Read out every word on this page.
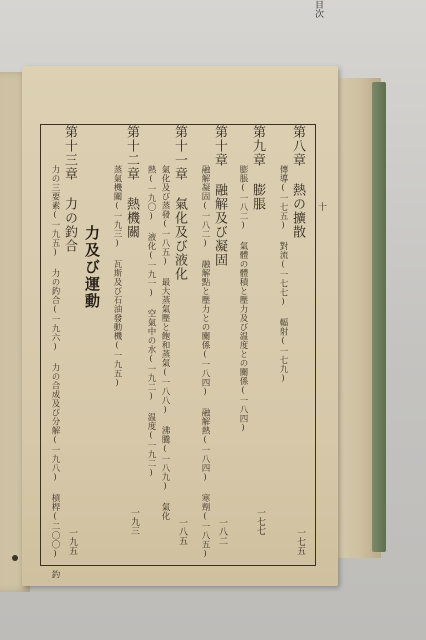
目次
十
第八章 熱の擴散
一七五
傳導(一七五) 對流(一七七) 輻射(一七九)
第九章 膨脹
一七七
膨脹(一八二) 氣體の體積と壓力及び温度との關係(一八四)
第十章 融解及び凝固
一八二
融解凝固(一八二) 融解點と壓力との關係(一八四) 融解熱(一八四) 寒劑(一八五)
第十一章 氣化及び液化
一八五
氣化及び蒸發(一八五) 最大蒸氣壓と飽和蒸氣(一八八) 沸騰(一八九) 氣化
熱(一九〇) 液化(一九一) 空氣中の水(一九二) 温度(一九二)
第十二章 熱機關
一九三
蒸氣機關(一九三) 瓦斯及び石油發動機(一九五)
力及び運動
第十三章 力の釣合
一九五
力の三要素(一九五) 力の釣合(一九六) 力の合成及び分解(一九八) 槓桿(二〇〇) 釣
